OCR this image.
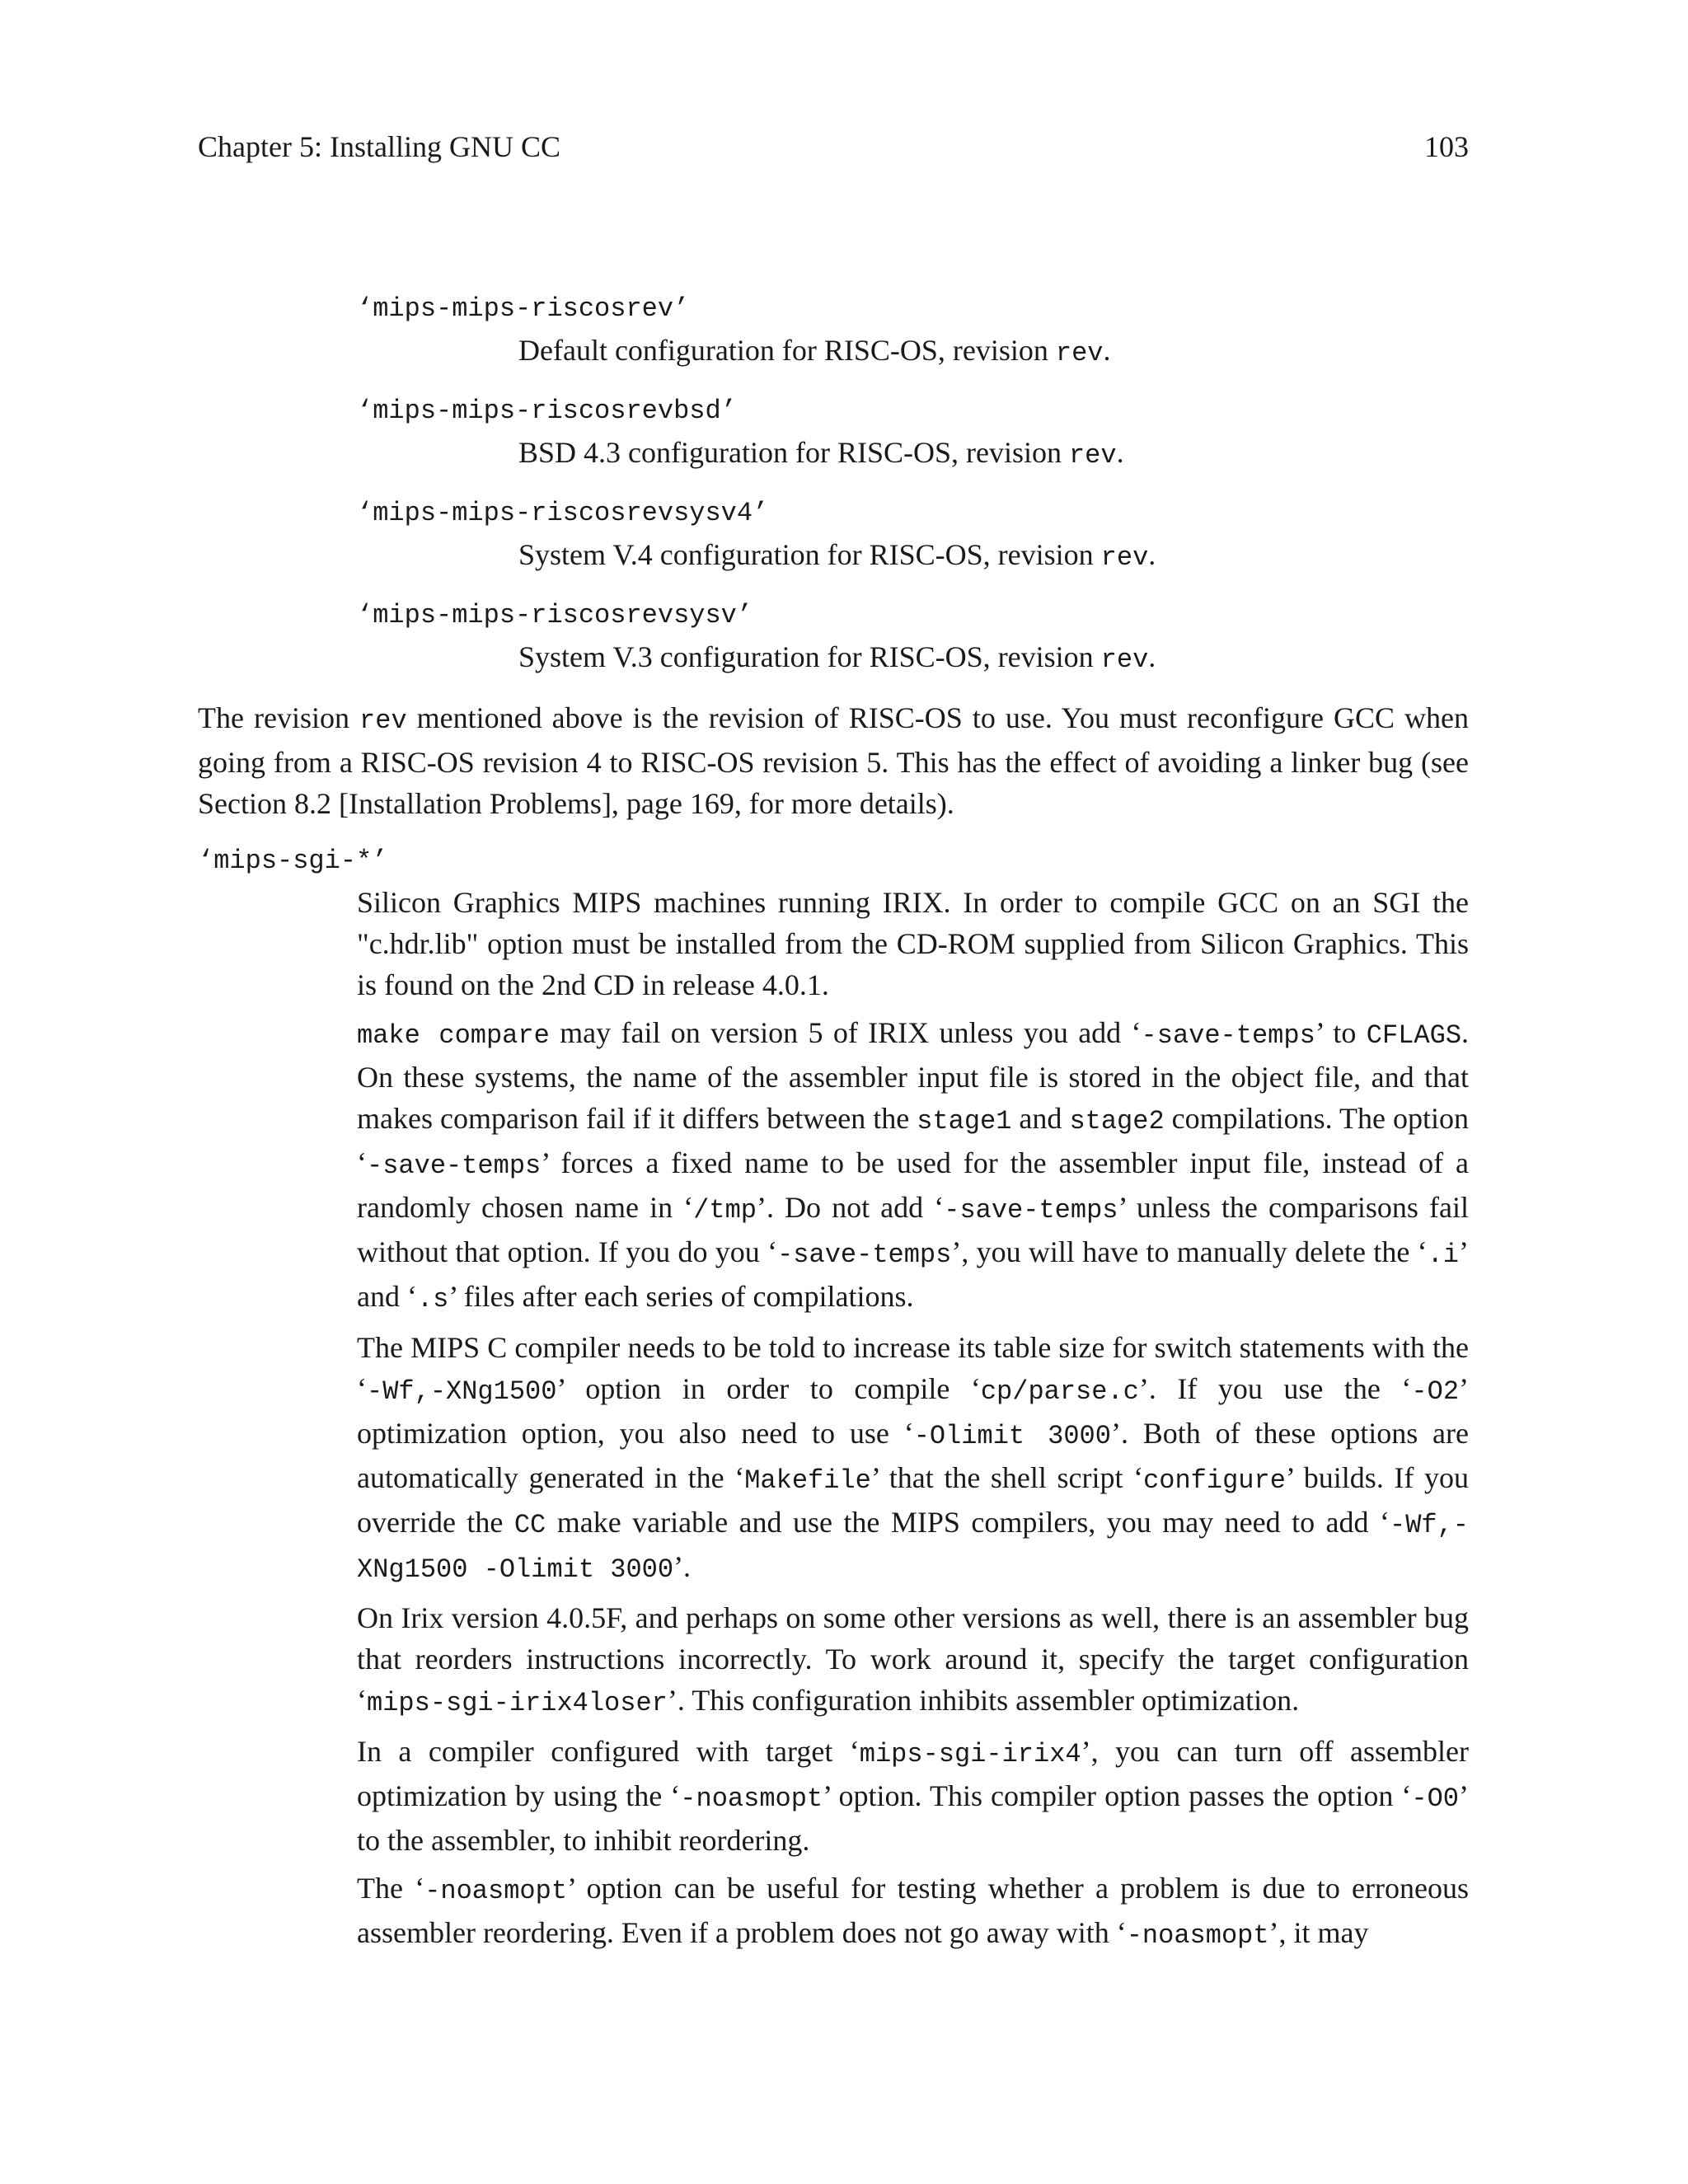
Chapter 5: Installing GNU CC	103
‘mips-mips-riscosrev’

Default configuration for RISC-OS, revision rev.

‘mips-mips-riscosrevbsd’

BSD 4.3 configuration for RISC-OS, revision rev.

‘mips-mips-riscosrevsysv4’

System V.4 configuration for RISC-OS, revision rev.

‘mips-mips-riscosrevsysv’

System V.3 configuration for RISC-OS, revision rev.

The revision rev mentioned above is the revision of RISC-OS to use. You must reconfigure GCC when going from a RISC-OS revision 4 to RISC-OS revision 5. This has the effect of avoiding a linker bug (see Section 8.2 [Installation Problems], page 169, for more details).

‘mips-sgi-*’

Silicon Graphics MIPS machines running IRIX. In order to compile GCC on an SGI the "c.hdr.lib" option must be installed from the CD-ROM supplied from Silicon Graphics. This is found on the 2nd CD in release 4.0.1.

make compare may fail on version 5 of IRIX unless you add ‘-save-temps’ to CFLAGS. On these systems, the name of the assembler input file is stored in the object file, and that makes comparison fail if it differs between the stage1 and stage2 compilations. The option ‘-save-temps’ forces a fixed name to be used for the assembler input file, instead of a randomly chosen name in ‘/tmp’. Do not add ‘-save-temps’ unless the comparisons fail without that option. If you do you ‘-save-temps’, you will have to manually delete the ‘.i’ and ‘.s’ files after each series of compilations.

The MIPS C compiler needs to be told to increase its table size for switch statements with the ‘-Wf,-XNg1500’ option in order to compile ‘cp/parse.c’. If you use the ‘-O2’ optimization option, you also need to use ‘-Olimit 3000’. Both of these options are automatically generated in the ‘Makefile’ that the shell script ‘configure’ builds. If you override the CC make variable and use the MIPS compilers, you may need to add ‘-Wf,-XNg1500 -Olimit 3000’.

On Irix version 4.0.5F, and perhaps on some other versions as well, there is an assembler bug that reorders instructions incorrectly. To work around it, specify the target configuration ‘mips-sgi-irix4loser’. This configuration inhibits assembler optimization.

In a compiler configured with target ‘mips-sgi-irix4’, you can turn off assembler optimization by using the ‘-noasmopt’ option. This compiler option passes the option ‘-O0’ to the assembler, to inhibit reordering.

The ‘-noasmopt’ option can be useful for testing whether a problem is due to erroneous assembler reordering. Even if a problem does not go away with ‘-noasmopt’, it may
